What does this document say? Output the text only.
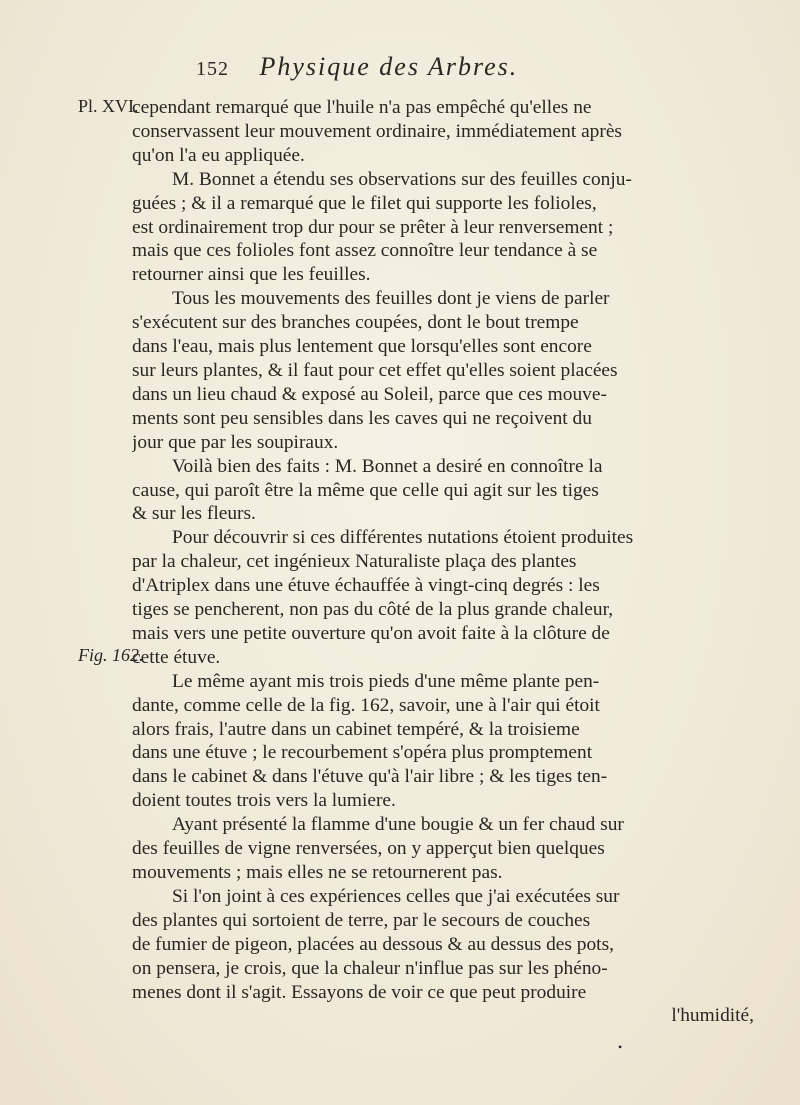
152 Physique des Arbres.
Pl. XVI.
Fig. 162.
cependant remarqué que l'huile n'a pas empêché qu'elles ne
conservassent leur mouvement ordinaire, immédiatement après
qu'on l'a eu appliquée.
M. Bonnet a étendu ses observations sur des feuilles conju-
guées ; & il a remarqué que le filet qui supporte les folioles,
est ordinairement trop dur pour se prêter à leur renversement ;
mais que ces folioles font assez connoître leur tendance à se
retourner ainsi que les feuilles.
Tous les mouvements des feuilles dont je viens de parler
s'exécutent sur des branches coupées, dont le bout trempe
dans l'eau, mais plus lentement que lorsqu'elles sont encore
sur leurs plantes, & il faut pour cet effet qu'elles soient placées
dans un lieu chaud & exposé au Soleil, parce que ces mouve-
ments sont peu sensibles dans les caves qui ne reçoivent du
jour que par les soupiraux.
Voilà bien des faits : M. Bonnet a desiré en connoître la
cause, qui paroît être la même que celle qui agit sur les tiges
& sur les fleurs.
Pour découvrir si ces différentes nutations étoient produites
par la chaleur, cet ingénieux Naturaliste plaça des plantes
d'Atriplex dans une étuve échauffée à vingt-cinq degrés : les
tiges se pencherent, non pas du côté de la plus grande chaleur,
mais vers une petite ouverture qu'on avoit faite à la clôture de
cette étuve.
Le même ayant mis trois pieds d'une même plante pen-
dante, comme celle de la fig. 162, savoir, une à l'air qui étoit
alors frais, l'autre dans un cabinet tempéré, & la troisieme
dans une étuve ; le recourbement s'opéra plus promptement
dans le cabinet & dans l'étuve qu'à l'air libre ; & les tiges ten-
doient toutes trois vers la lumiere.
Ayant présenté la flamme d'une bougie & un fer chaud sur
des feuilles de vigne renversées, on y apperçut bien quelques
mouvements ; mais elles ne se retournerent pas.
Si l'on joint à ces expériences celles que j'ai exécutées sur
des plantes qui sortoient de terre, par le secours de couches
de fumier de pigeon, placées au dessous & au dessus des pots,
on pensera, je crois, que la chaleur n'influe pas sur les phéno-
menes dont il s'agit. Essayons de voir ce que peut produire
l'humidité,
•
